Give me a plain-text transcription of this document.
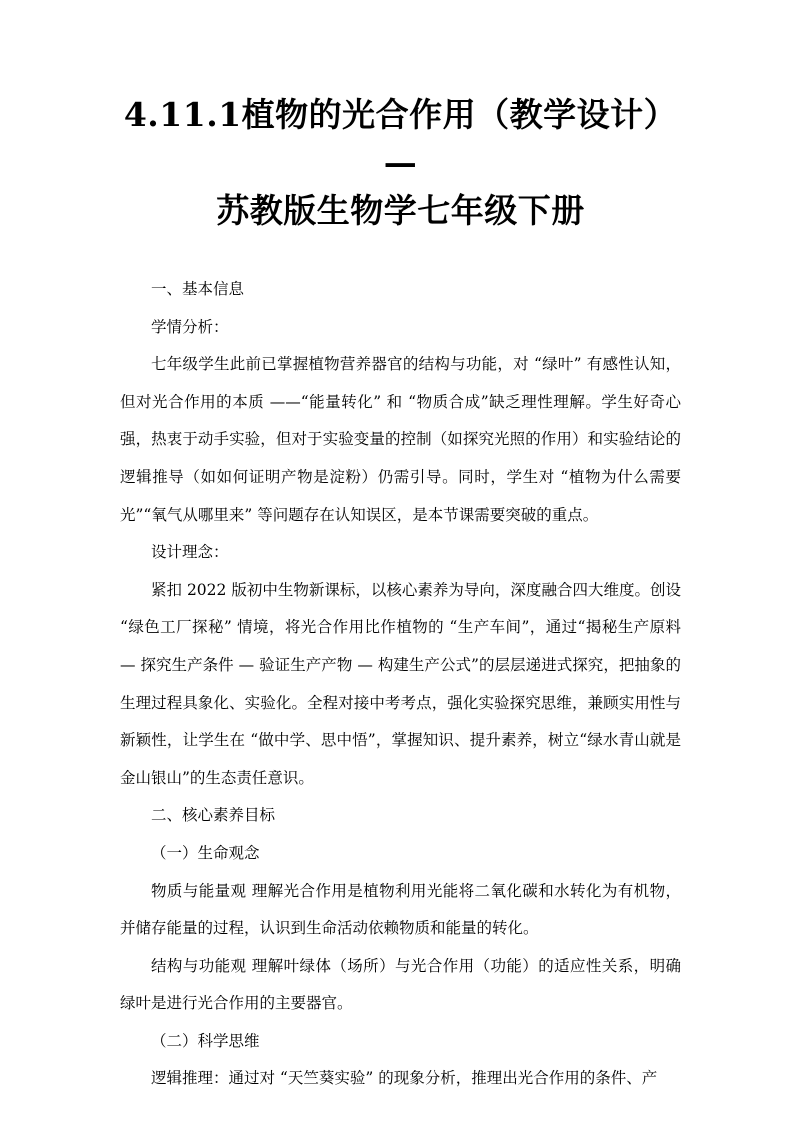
4.11.1植物的光合作用（教学设计）—
苏教版生物学七年级下册

一、基本信息

学情分析：

七年级学生此前已掌握植物营养器官的结构与功能，对 “绿叶” 有感性认知，但对光合作用的本质 ——“能量转化” 和 “物质合成”缺乏理性理解。学生好奇心强，热衷于动手实验，但对于实验变量的控制（如探究光照的作用）和实验结论的逻辑推导（如如何证明产物是淀粉）仍需引导。同时，学生对 “植物为什么需要光”“氧气从哪里来” 等问题存在认知误区，是本节课需要突破的重点。

设计理念：

紧扣 2022 版初中生物新课标，以核心素养为导向，深度融合四大维度。创设 “绿色工厂探秘” 情境，将光合作用比作植物的 “生产车间”，通过“揭秘生产原料 — 探究生产条件 — 验证生产产物 — 构建生产公式”的层层递进式探究，把抽象的生理过程具象化、实验化。全程对接中考考点，强化实验探究思维，兼顾实用性与新颖性，让学生在 “做中学、思中悟”，掌握知识、提升素养，树立“绿水青山就是金山银山”的生态责任意识。

二、核心素养目标

（一）生命观念

物质与能量观 理解光合作用是植物利用光能将二氧化碳和水转化为有机物，并储存能量的过程，认识到生命活动依赖物质和能量的转化。

结构与功能观 理解叶绿体（场所）与光合作用（功能）的适应性关系，明确绿叶是进行光合作用的主要器官。

（二）科学思维

逻辑推理：通过对 “天竺葵实验” 的现象分析，推理出光合作用的条件、产
